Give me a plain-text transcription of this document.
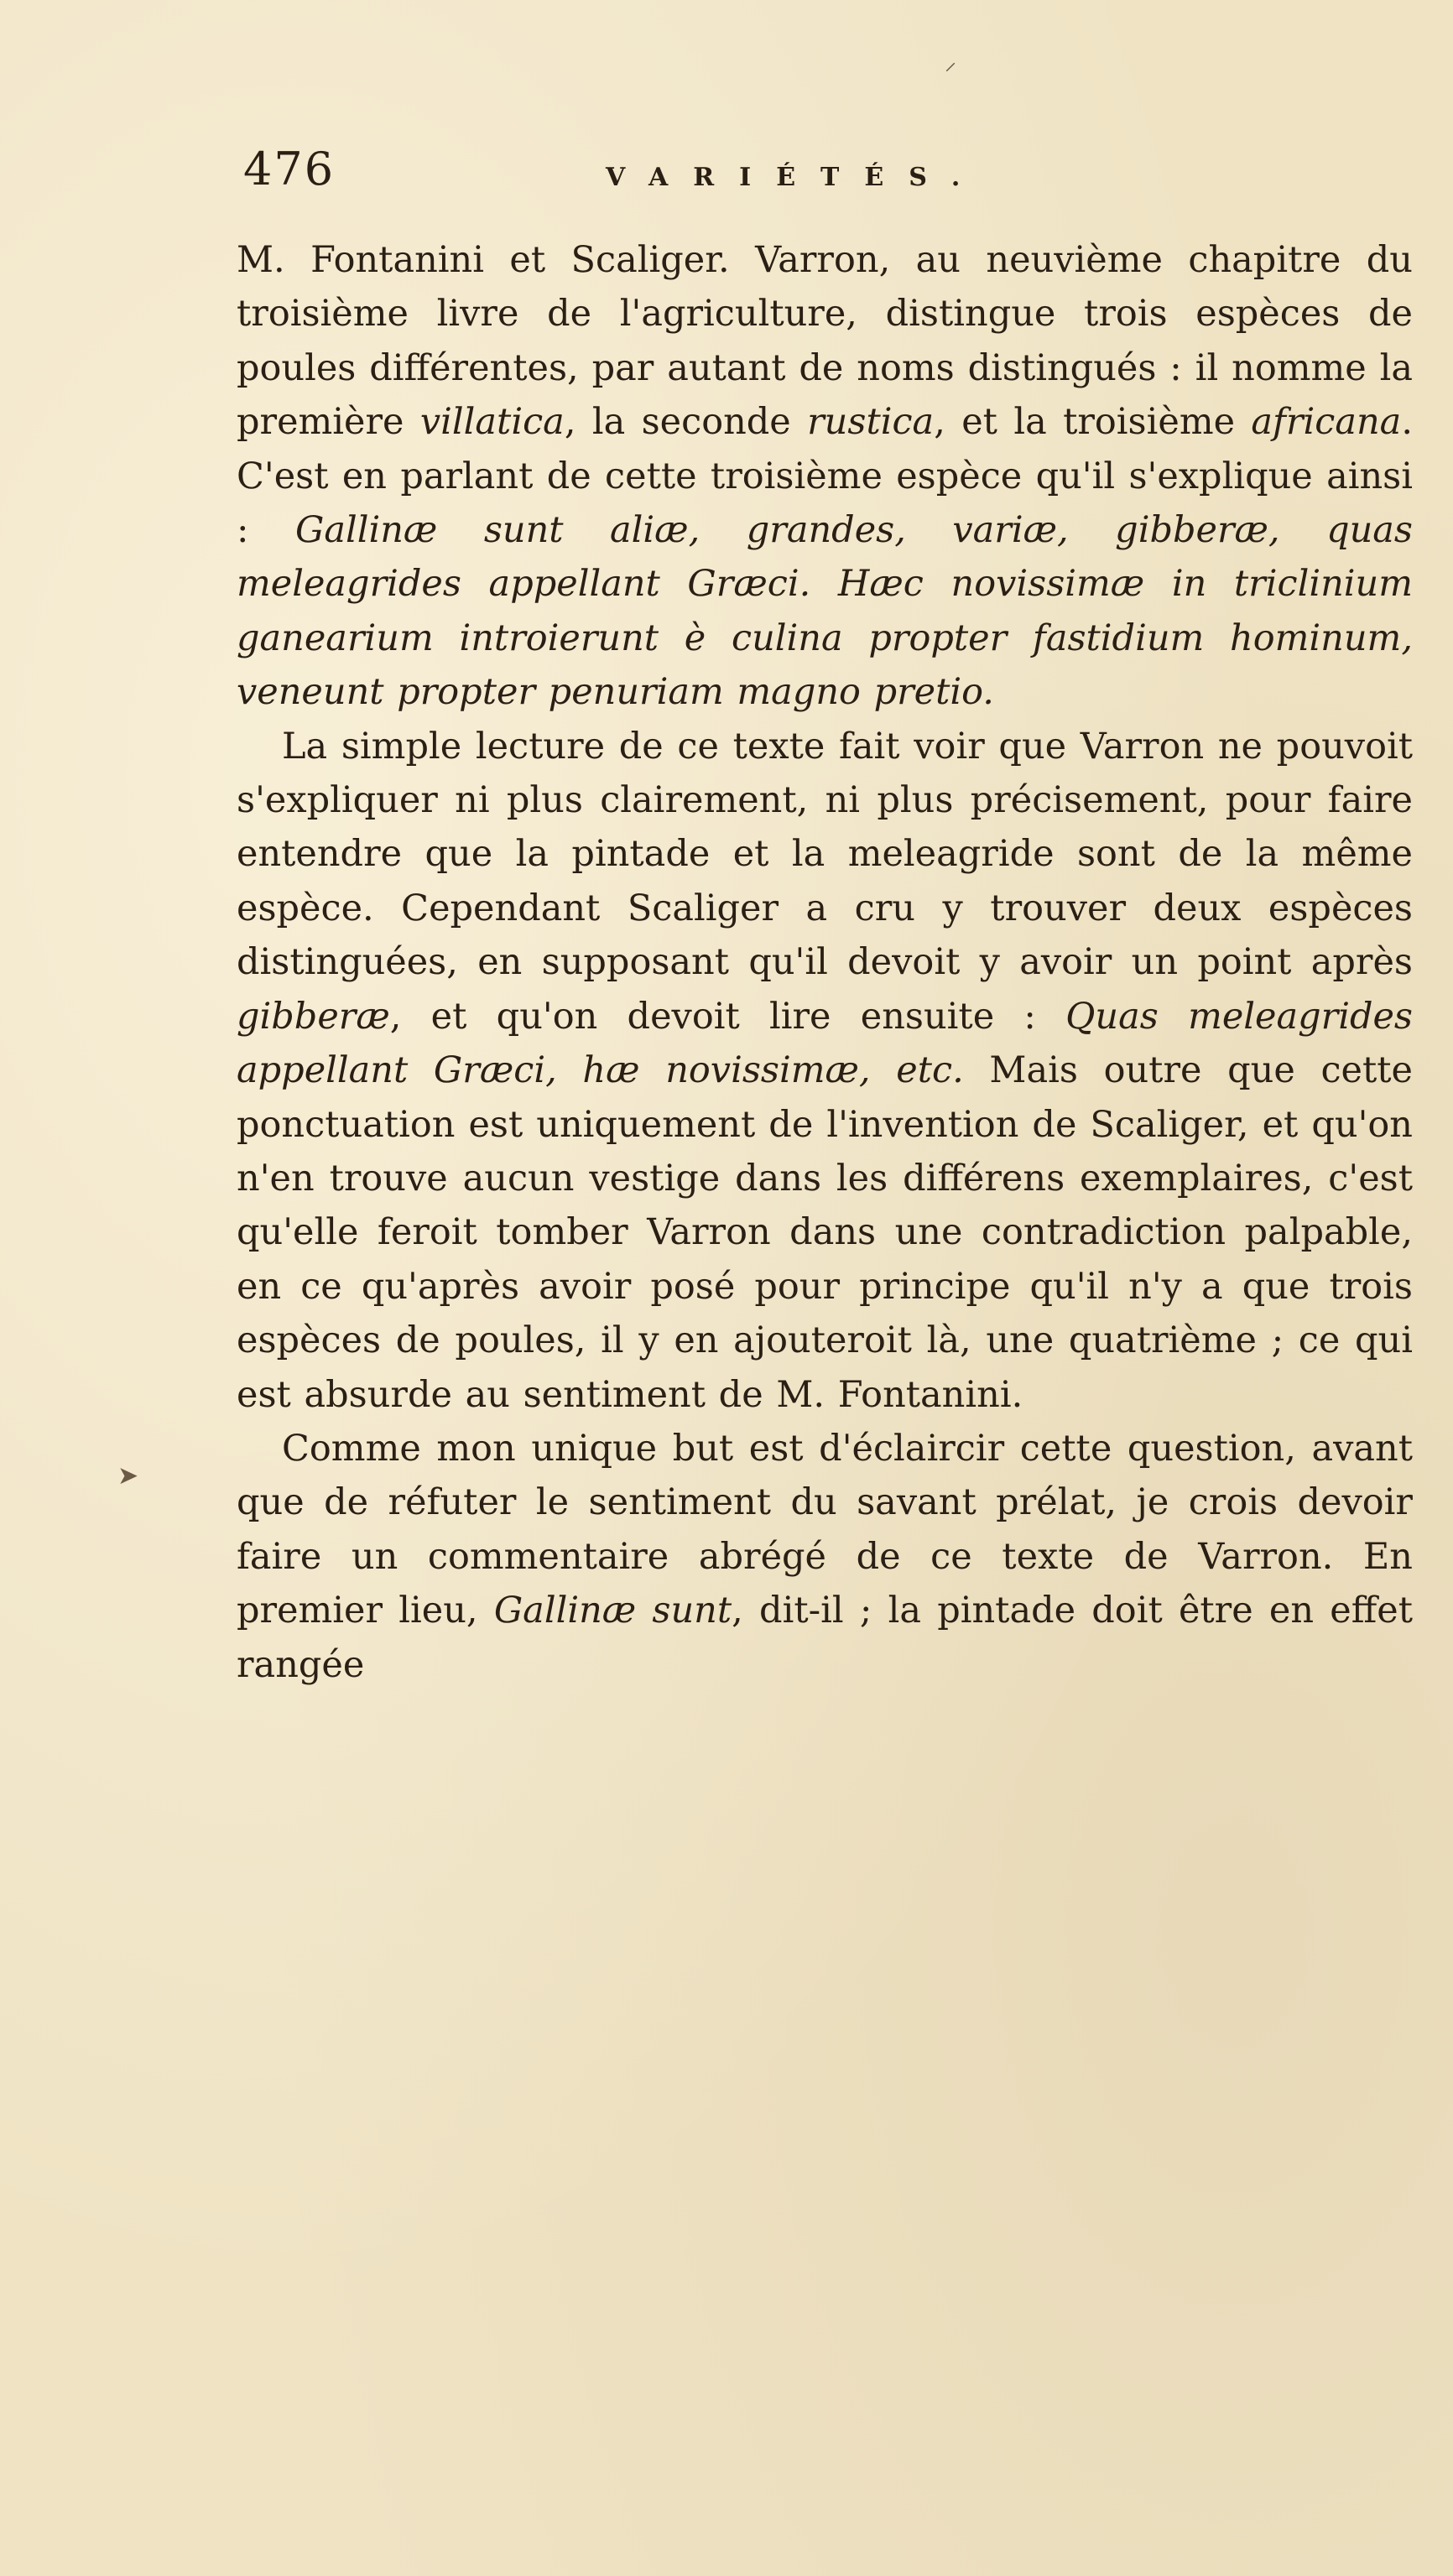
476	VARIÉTÉS.

M. Fontanini et Scaliger. Varron, au neuvième chapitre du troisième livre de l'agriculture, distingue trois espèces de poules différentes, par autant de noms distingués : il nomme la première villatica, la seconde rustica, et la troisième africana. C'est en parlant de cette troisième espèce qu'il s'explique ainsi : Gallinæ sunt aliæ, grandes, variæ, gibberæ, quas meleagrides appellant Græci. Hæc novissimæ in triclinium ganearium introierunt è culina propter fastidium hominum, veneunt propter penuriam magno pretio.

La simple lecture de ce texte fait voir que Varron ne pouvoit s'expliquer ni plus clairement, ni plus précisement, pour faire entendre que la pintade et la meleagride sont de la même espèce. Cependant Scaliger a cru y trouver deux espèces distinguées, en supposant qu'il devoit y avoir un point après gibberæ, et qu'on devoit lire ensuite : Quas meleagrides appellant Græci, hæ novissimæ, etc. Mais outre que cette ponctuation est uniquement de l'invention de Scaliger, et qu'on n'en trouve aucun vestige dans les différens exemplaires, c'est qu'elle feroit tomber Varron dans une contradiction palpable, en ce qu'après avoir posé pour principe qu'il n'y a que trois espèces de poules, il y en ajouteroit là, une quatrième ; ce qui est absurde au sentiment de M. Fontanini.

Comme mon unique but est d'éclaircir cette question, avant que de réfuter le sentiment du savant prélat, je crois devoir faire un commentaire abrégé de ce texte de Varron. En premier lieu, Gallinæ sunt, dit-il ; la pintade doit être en effet rangée

⸝
➤
